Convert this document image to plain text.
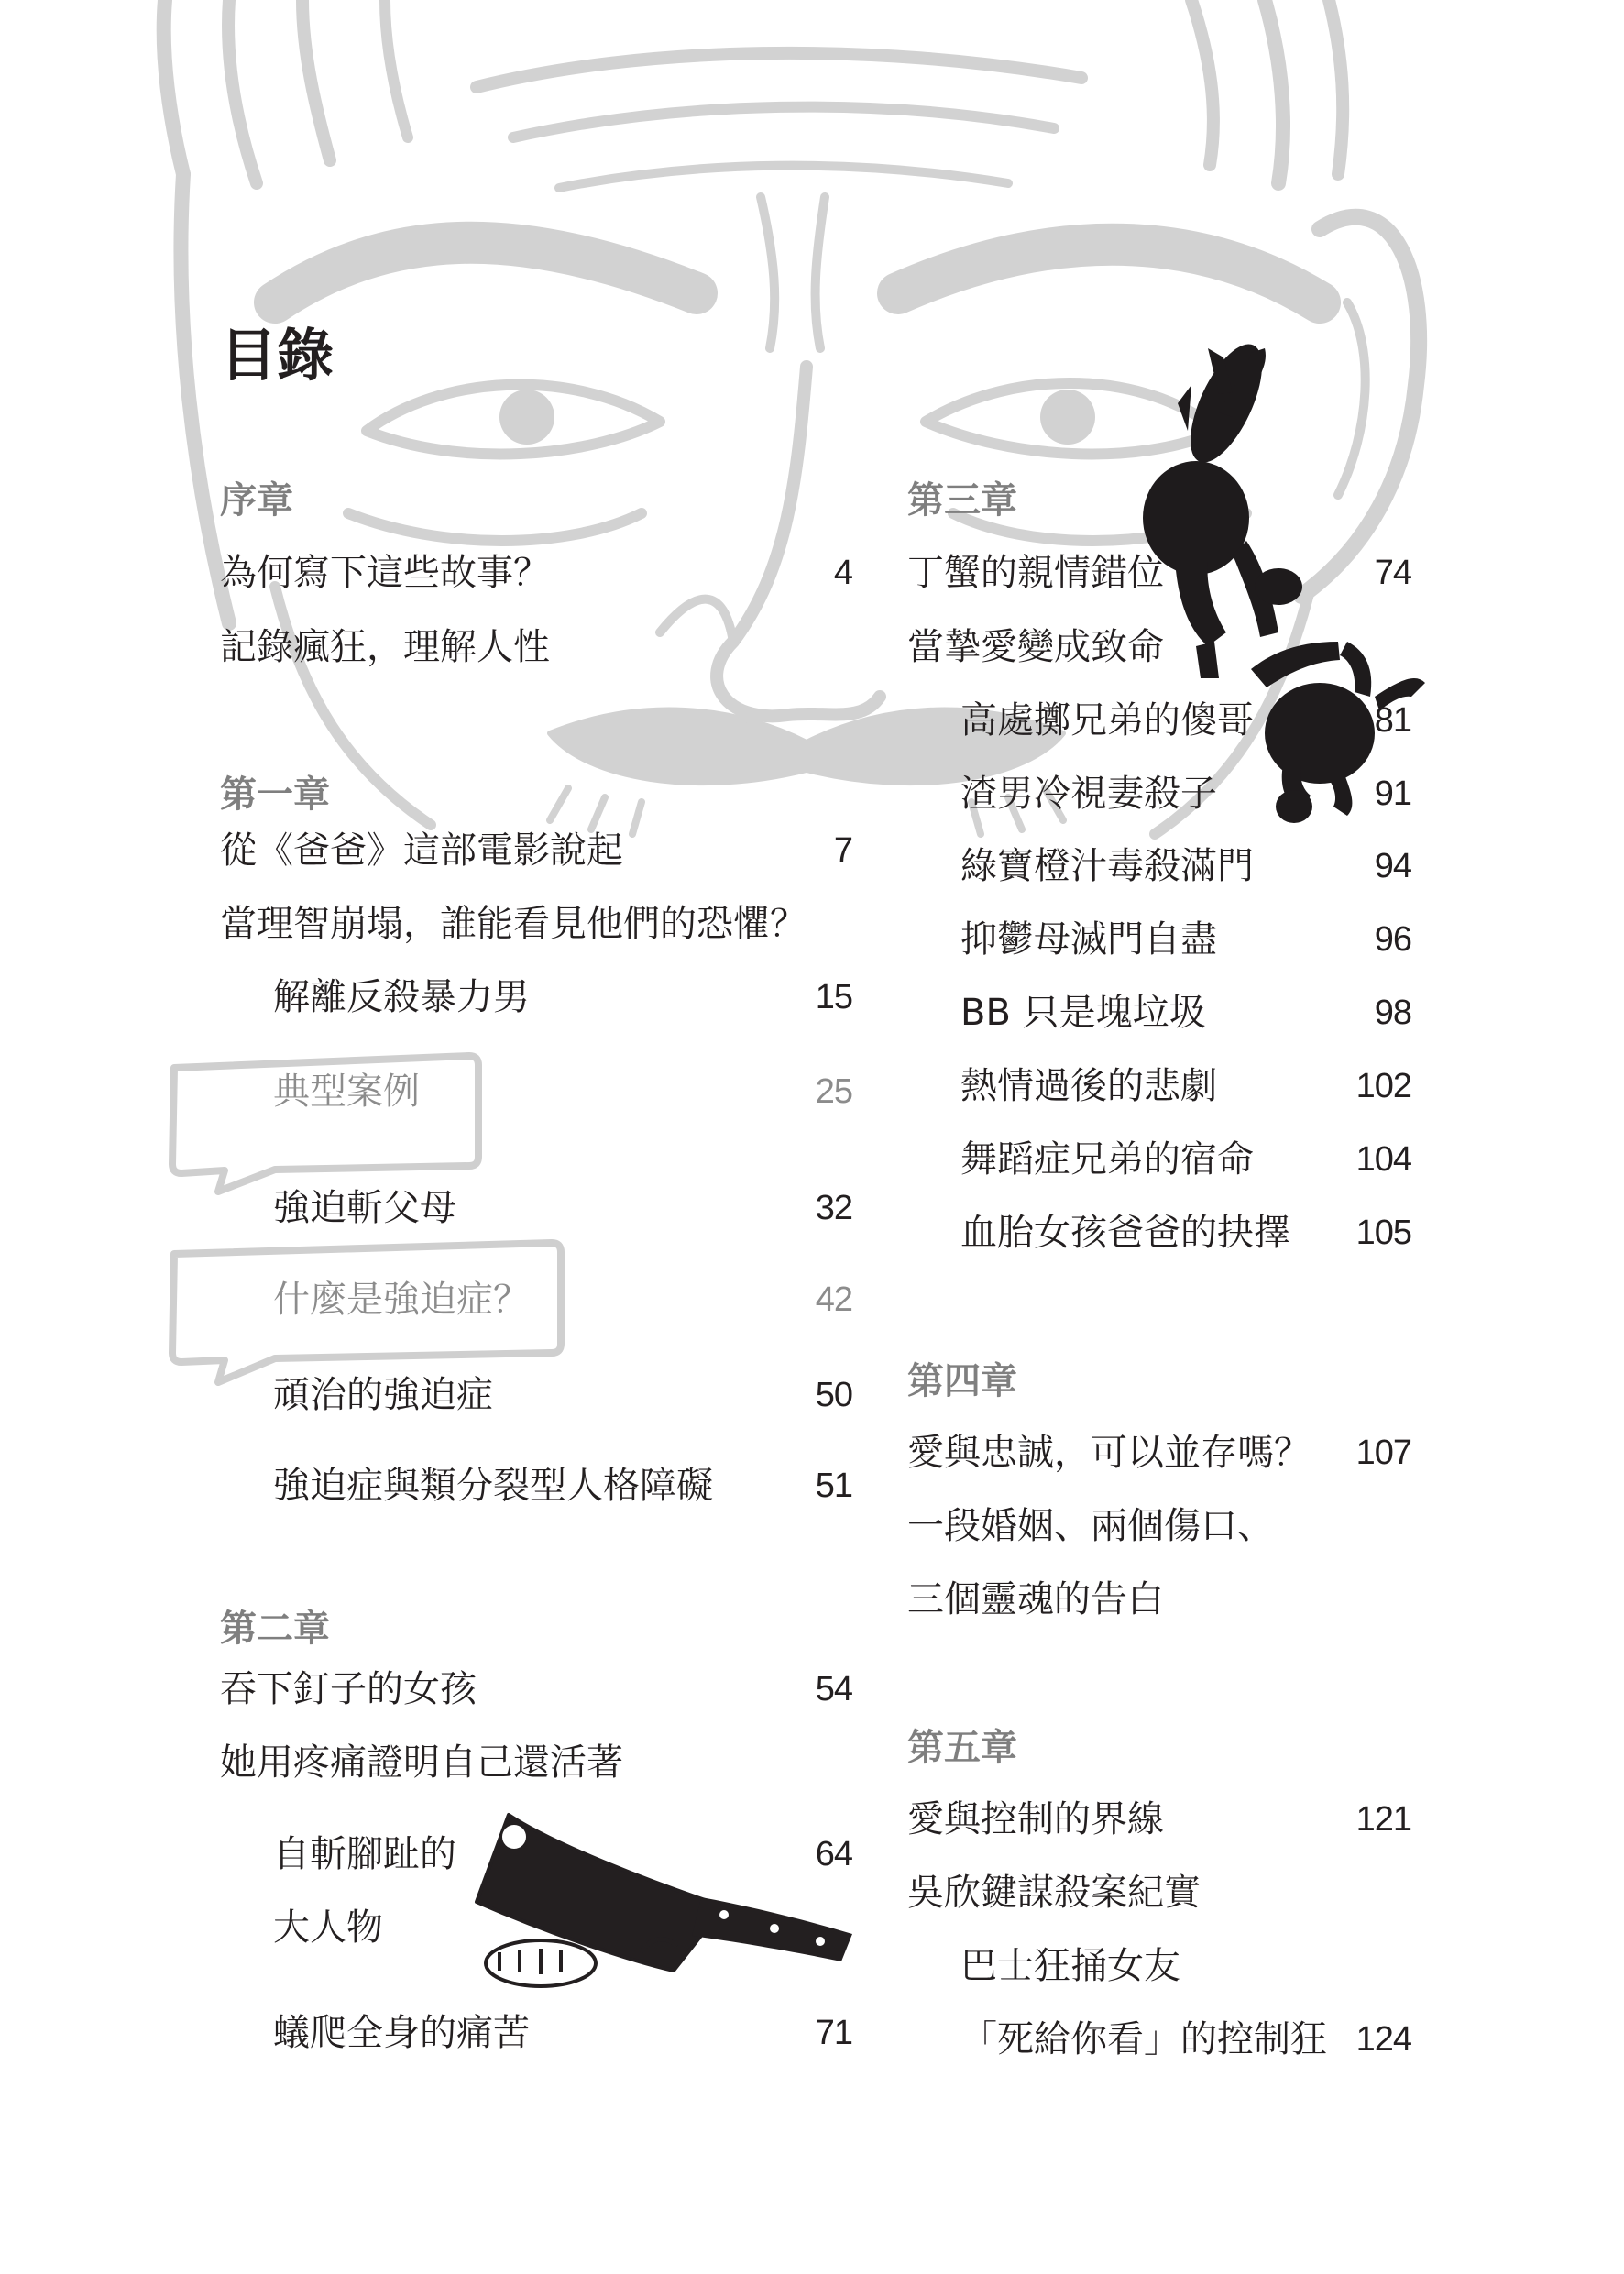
目錄
序章
為何寫下這些故事？	4
記錄瘋狂，理解人性
第一章
從《爸爸》這部電影說起	7
當理智崩塌，誰能看見他們的恐懼？
解離反殺暴力男	15
典型案例	25
強迫斬父母	32
什麼是強迫症？	42
頑治的強迫症	50
強迫症與類分裂型人格障礙	51
第二章
吞下釘子的女孩	54
她用疼痛證明自己還活著
自斬腳趾的	64
大人物
蟻爬全身的痛苦	71
第三章
丁蟹的親情錯位	74
當摯愛變成致命
高處擲兄弟的傻哥	81
渣男冷視妻殺子	91
綠寶橙汁毒殺滿門	94
抑鬱母滅門自盡	96
BB 只是塊垃圾	98
熱情過後的悲劇	102
舞蹈症兄弟的宿命	104
血胎女孩爸爸的抉擇 105
第四章
愛與忠誠，可以並存嗎？ 107
一段婚姻、兩個傷口、
三個靈魂的告白
第五章
愛與控制的界線	121
吳欣鍵謀殺案紀實
巴士狂捅女友
「死給你看」的控制狂 124
